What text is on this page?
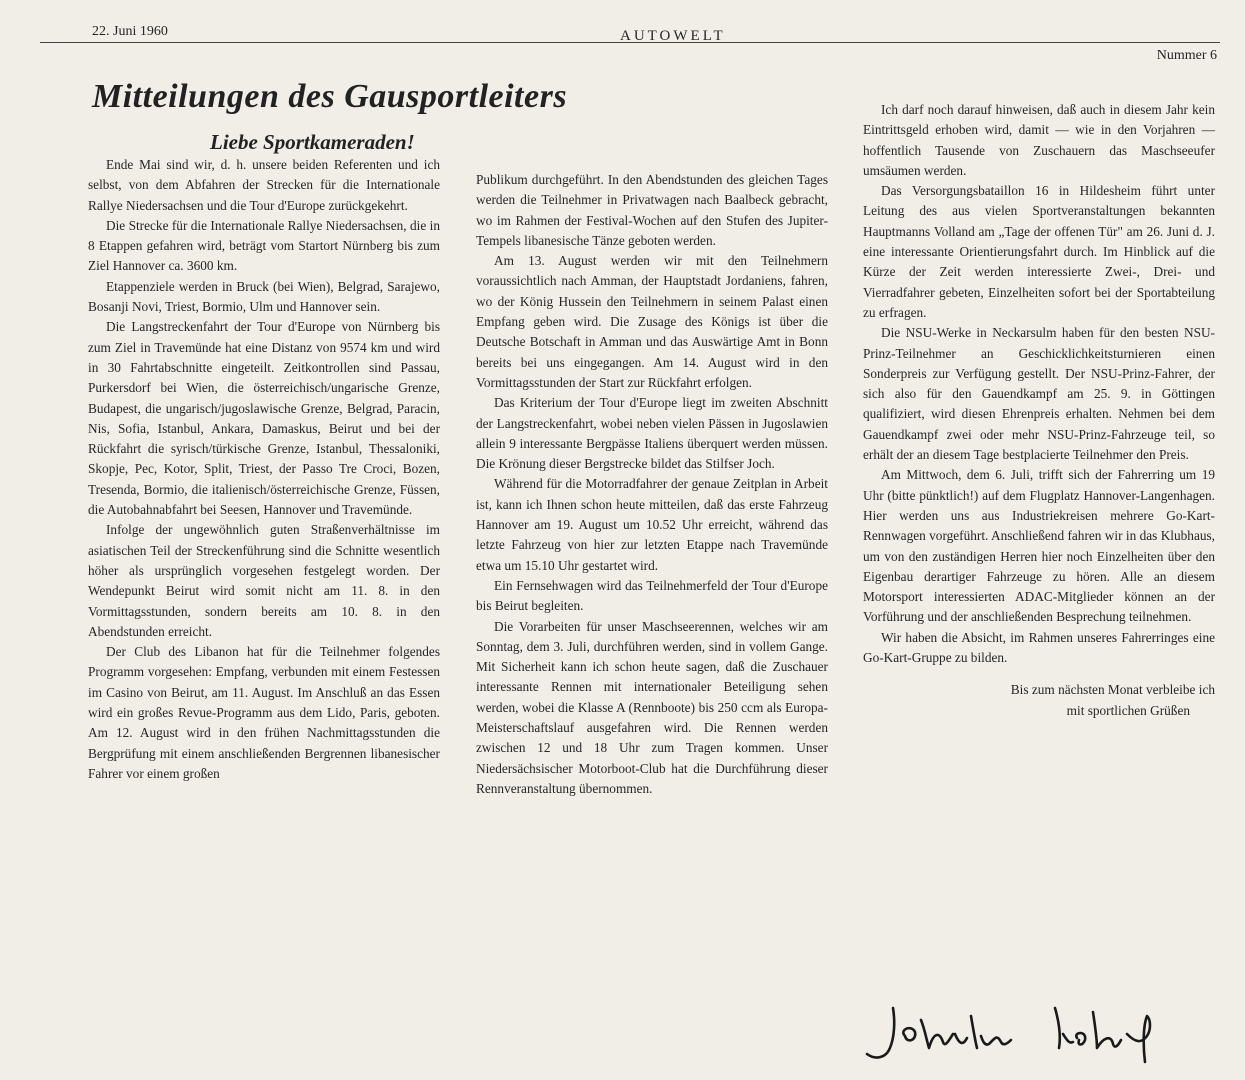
22. Juni 1960	AUTOWELT
Nummer 6
Mitteilungen des Gausportleiters
Liebe Sportkameraden!

Ende Mai sind wir, d. h. unsere beiden Referenten und ich selbst, von dem Abfahren der Strecken für die Internationale Rallye Niedersachsen und die Tour d'Europe zurückgekehrt.

Die Strecke für die Internationale Rallye Niedersachsen, die in 8 Etappen gefahren wird, beträgt vom Startort Nürnberg bis zum Ziel Hannover ca. 3600 km.

Etappenziele werden in Bruck (bei Wien), Belgrad, Sarajewo, Bosanji Novi, Triest, Bormio, Ulm und Hannover sein.

Die Langstreckenfahrt der Tour d'Europe von Nürnberg bis zum Ziel in Travemünde hat eine Distanz von 9574 km und wird in 30 Fahrtabschnitte eingeteilt. Zeitkontrollen sind Passau, Purkersdorf bei Wien, die österreichisch/ungarische Grenze, Budapest, die ungarisch/jugoslawische Grenze, Belgrad, Paracin, Nis, Sofia, Istanbul, Ankara, Damaskus, Beirut und bei der Rückfahrt die syrisch/türkische Grenze, Istanbul, Thessaloniki, Skopje, Pec, Kotor, Split, Triest, der Passo Tre Croci, Bozen, Tresenda, Bormio, die italienisch/österreichische Grenze, Füssen, die Autobahnabfahrt bei Seesen, Hannover und Travemünde.

Infolge der ungewöhnlich guten Straßenverhältnisse im asiatischen Teil der Streckenführung sind die Schnitte wesentlich höher als ursprünglich vorgesehen festgelegt worden. Der Wendepunkt Beirut wird somit nicht am 11. 8. in den Vormittagsstunden, sondern bereits am 10. 8. in den Abendstunden erreicht.

Der Club des Libanon hat für die Teilnehmer folgendes Programm vorgesehen: Empfang, verbunden mit einem Festessen im Casino von Beirut, am 11. August. Im Anschluß an das Essen wird ein großes Revue-Programm aus dem Lido, Paris, geboten. Am 12. August wird in den frühen Nachmittagsstunden die Bergprüfung mit einem anschließenden Bergrennen libanesischer Fahrer vor einem großen

Publikum durchgeführt. In den Abendstunden des gleichen Tages werden die Teilnehmer in Privatwagen nach Baalbeck gebracht, wo im Rahmen der Festival-Wochen auf den Stufen des Jupiter-Tempels libanesische Tänze geboten werden.

Am 13. August werden wir mit den Teilnehmern voraussichtlich nach Amman, der Hauptstadt Jordaniens, fahren, wo der König Hussein den Teilnehmern in seinem Palast einen Empfang geben wird. Die Zusage des Königs ist über die Deutsche Botschaft in Amman und das Auswärtige Amt in Bonn bereits bei uns eingegangen. Am 14. August wird in den Vormittagsstunden der Start zur Rückfahrt erfolgen.

Das Kriterium der Tour d'Europe liegt im zweiten Abschnitt der Langstreckenfahrt, wobei neben vielen Pässen in Jugoslawien allein 9 interessante Bergpässe Italiens überquert werden müssen. Die Krönung dieser Bergstrecke bildet das Stilfser Joch.

Während für die Motorradfahrer der genaue Zeitplan in Arbeit ist, kann ich Ihnen schon heute mitteilen, daß das erste Fahrzeug Hannover am 19. August um 10.52 Uhr erreicht, während das letzte Fahrzeug von hier zur letzten Etappe nach Travemünde etwa um 15.10 Uhr gestartet wird.

Ein Fernsehwagen wird das Teilnehmerfeld der Tour d'Europe bis Beirut begleiten.

Die Vorarbeiten für unser Maschseerennen, welches wir am Sonntag, dem 3. Juli, durchführen werden, sind in vollem Gange. Mit Sicherheit kann ich schon heute sagen, daß die Zuschauer interessante Rennen mit internationaler Beteiligung sehen werden, wobei die Klasse A (Rennboote) bis 250 ccm als Europa-Meisterschaftslauf ausgefahren wird. Die Rennen werden zwischen 12 und 18 Uhr zum Tragen kommen. Unser Niedersächsischer Motorboot-Club hat die Durchführung dieser Rennveranstaltung übernommen.

Ich darf noch darauf hinweisen, daß auch in diesem Jahr kein Eintrittsgeld erhoben wird, damit — wie in den Vorjahren — hoffentlich Tausende von Zuschauern das Maschseeufer umsäumen werden.

Das Versorgungsbataillon 16 in Hildesheim führt unter Leitung des aus vielen Sportveranstaltungen bekannten Hauptmanns Volland am „Tage der offenen Tür" am 26. Juni d. J. eine interessante Orientierungsfahrt durch. Im Hinblick auf die Kürze der Zeit werden interessierte Zwei-, Drei- und Vierradfahrer gebeten, Einzelheiten sofort bei der Sportabteilung zu erfragen.

Die NSU-Werke in Neckarsulm haben für den besten NSU-Prinz-Teilnehmer an Geschicklichkeitsturnieren einen Sonderpreis zur Verfügung gestellt. Der NSU-Prinz-Fahrer, der sich also für den Gauendkampf am 25. 9. in Göttingen qualifiziert, wird diesen Ehrenpreis erhalten. Nehmen bei dem Gauendkampf zwei oder mehr NSU-Prinz-Fahrzeuge teil, so erhält der an diesem Tage bestplacierte Teilnehmer den Preis.

Am Mittwoch, dem 6. Juli, trifft sich der Fahrerring um 19 Uhr (bitte pünktlich!) auf dem Flugplatz Hannover-Langenhagen. Hier werden uns aus Industriekreisen mehrere Go-Kart-Rennwagen vorgeführt. Anschließend fahren wir in das Klubhaus, um von den zuständigen Herren hier noch Einzelheiten über den Eigenbau derartiger Fahrzeuge zu hören. Alle an diesem Motorsport interessierten ADAC-Mitglieder können an der Vorführung und der anschließenden Besprechung teilnehmen.

Wir haben die Absicht, im Rahmen unseres Fahrerringes eine Go-Kart-Gruppe zu bilden.

Bis zum nächsten Monat verbleibe ich

mit sportlichen Grüßen

Joachim Lichy
